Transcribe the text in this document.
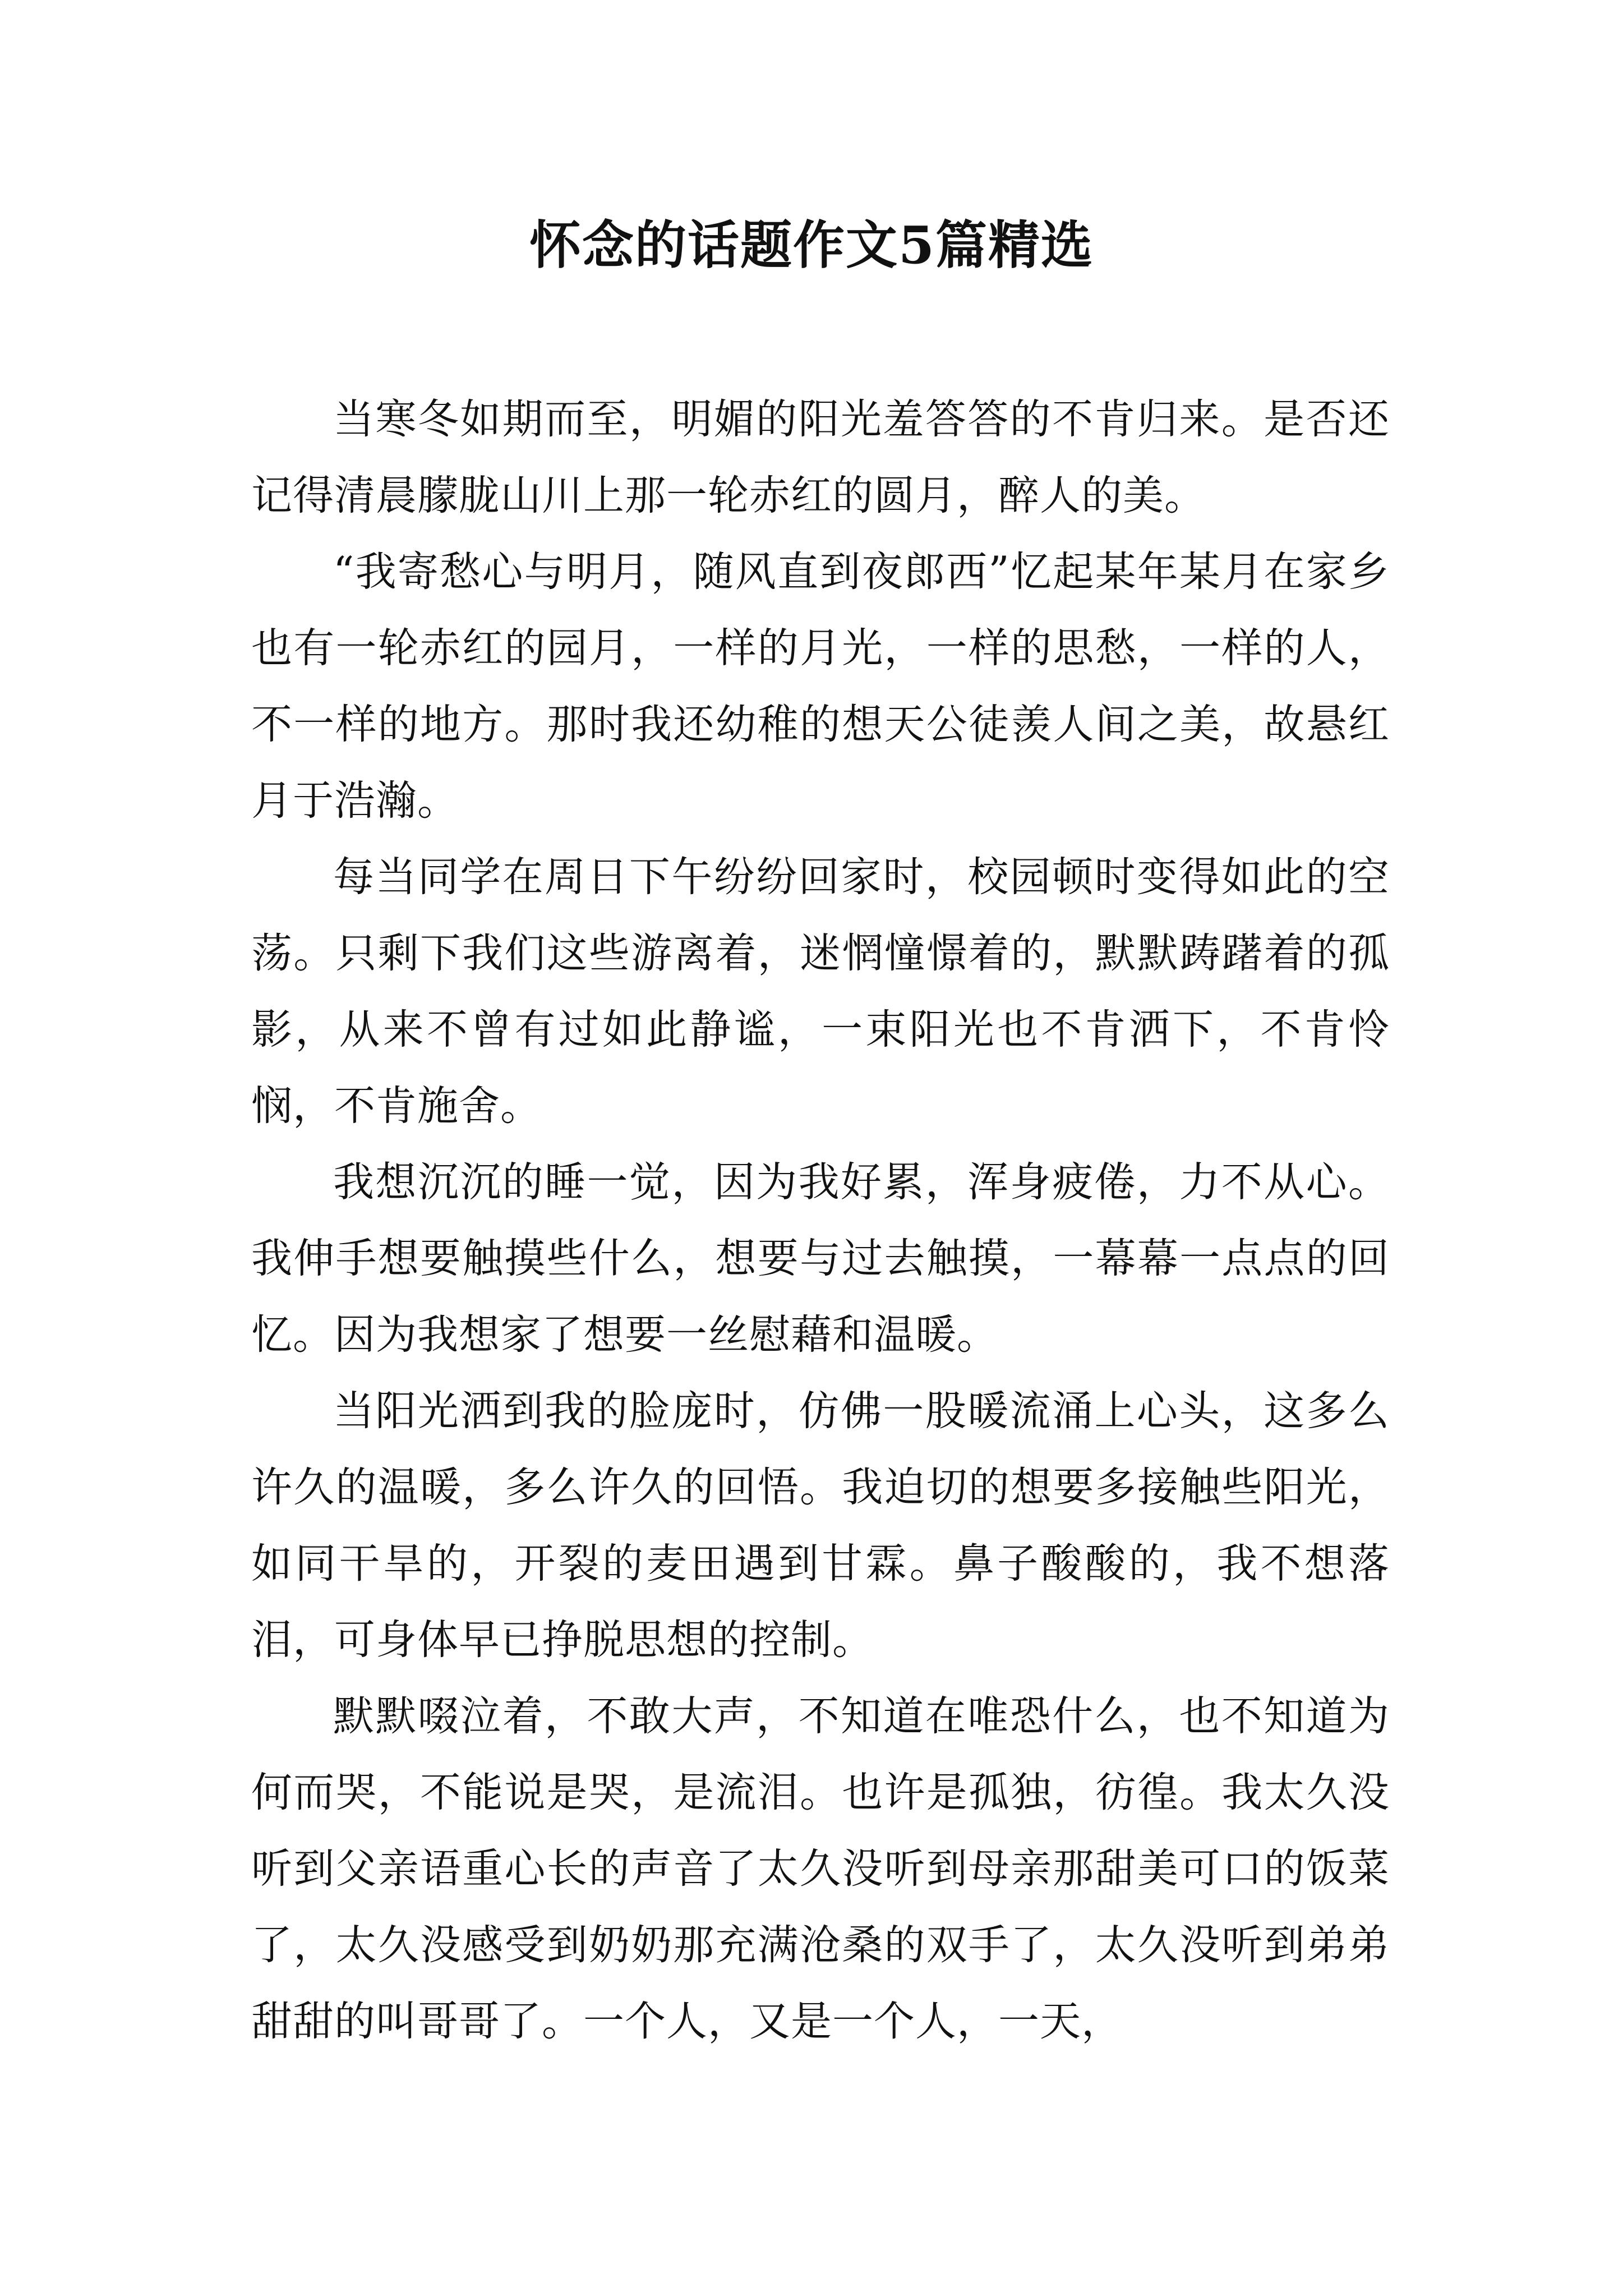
怀念的话题作文5篇精选

当寒冬如期而至，明媚的阳光羞答答的不肯归来。是否还记得清晨朦胧山川上那一轮赤红的圆月，醉人的美。

“我寄愁心与明月，随风直到夜郎西”忆起某年某月在家乡也有一轮赤红的园月，一样的月光，一样的思愁，一样的人，不一样的地方。那时我还幼稚的想天公徒羡人间之美，故悬红月于浩瀚。

每当同学在周日下午纷纷回家时，校园顿时变得如此的空荡。只剩下我们这些游离着，迷惘憧憬着的，默默踌躇着的孤影，从来不曾有过如此静谧，一束阳光也不肯洒下，不肯怜悯，不肯施舍。

我想沉沉的睡一觉，因为我好累，浑身疲倦，力不从心。我伸手想要触摸些什么，想要与过去触摸，一幕幕一点点的回忆。因为我想家了想要一丝慰藉和温暖。

当阳光洒到我的脸庞时，仿佛一股暖流涌上心头，这多么许久的温暖，多么许久的回悟。我迫切的想要多接触些阳光，如同干旱的，开裂的麦田遇到甘霖。鼻子酸酸的，我不想落泪，可身体早已挣脱思想的控制。

默默啜泣着，不敢大声，不知道在唯恐什么，也不知道为何而哭，不能说是哭，是流泪。也许是孤独，彷徨。我太久没听到父亲语重心长的声音了太久没听到母亲那甜美可口的饭菜了，太久没感受到奶奶那充满沧桑的双手了，太久没听到弟弟甜甜的叫哥哥了。一个人，又是一个人，一天，
